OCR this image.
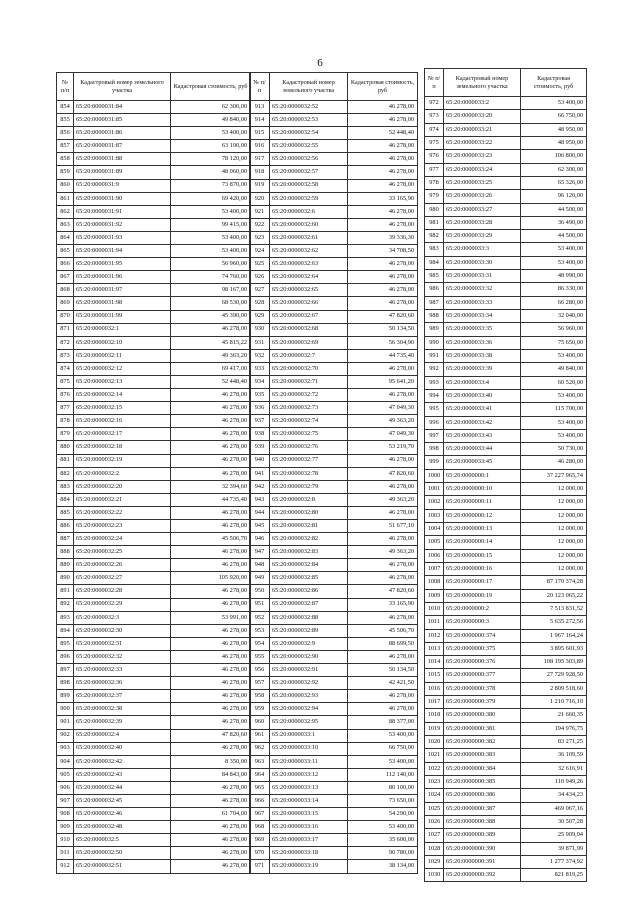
6
№ п/п	Кадастровый номер земельного участка	Кадастровая стоимость, руб
854	65:20:0000031:84	62 300,00
855	65:20:0000031:85	49 840,00
856	65:20:0000031:86	53 400,00
857	65:20:0000031:87	63 190,00
858	65:20:0000031:88	78 120,00
859	65:20:0000031:89	48 060,00
860	65:20:0000031:9	73 870,00
861	65:20:0000031:90	69 420,00
862	65:20:0000031:91	53 400,00
863	65:20:0000031:92	99 415,00
864	65:20:0000031:93	53 400,00
865	65:20:0000031:94	53 400,00
866	65:20:0000031:95	56 960,00
867	65:20:0000031:96	74 760,00
868	65:20:0000031:97	98 167,00
869	65:20:0000031:98	68 530,00
870	65:20:0000031:99	45 390,00
871	65:20:0000032:1	46 278,00
872	65:20:0000032:10	45 815,22
873	65:20:0000032:11	49 363,20
874	65:20:0000032:12	69 417,00
875	65:20:0000032:13	52 448,40
876	65:20:0000032:14	46 278,00
877	65:20:0000032:15	46 278,00
878	65:20:0000032:16	46 278,00
879	65:20:0000032:17	46 278,00
880	65:20:0000032:18	46 278,00
881	65:20:0000032:19	46 278,00
882	65:20:0000032:2	46 278,00
883	65:20:0000032:20	32 394,60
884	65:20:0000032:21	44 735,40
885	65:20:0000032:22	46 278,00
886	65:20:0000032:23	46 278,00
887	65:20:0000032:24	45 506,70
888	65:20:0000032:25	46 278,00
889	65:20:0000032:26	46 278,00
890	65:20:0000032:27	105 920,00
891	65:20:0000032:28	46 278,00
892	65:20:0000032:29	46 278,00
893	65:20:0000032:3	53 991,00
894	65:20:0000032:30	46 278,00
895	65:20:0000032:31	46 278,00
896	65:20:0000032:32	46 278,00
897	65:20:0000032:33	46 278,00
898	65:20:0000032:36	46 278,00
899	65:20:0000032:37	46 278,00
900	65:20:0000032:38	46 278,00
901	65:20:0000032:39	46 278,00
902	65:20:0000032:4	47 820,60
903	65:20:0000032:40	46 278,00
904	65:20:0000032:42	8 350,00
905	65:20:0000032:43	84 843,00
906	65:20:0000032:44	46 278,00
907	65:20:0000032:45	46 278,00
908	65:20:0000032:46	61 704,00
909	65:20:0000032:48	46 278,00
910	65:20:0000032:5	46 278,00
911	65:20:0000032:50	46 278,00
912	65:20:0000032:51	46 278,00
№ п/п	Кадастровый номер земельного участка	Кадастровая стоимость, руб
913	65:20:0000032:52	46 278,00
914	65:20:0000032:53	46 278,00
915	65:20:0000032:54	52 448,40
916	65:20:0000032:55	46 278,00
917	65:20:0000032:56	46 278,00
918	65:20:0000032:57	46 278,00
919	65:20:0000032:58	46 278,00
920	65:20:0000032:59	33 165,90
921	65:20:0000032:6	46 278,00
922	65:20:0000032:60	46 278,00
923	65:20:0000032:61	39 336,30
924	65:20:0000032:62	34 708,50
925	65:20:0000032:63	46 278,00
926	65:20:0000032:64	46 278,00
927	65:20:0000032:65	46 278,00
928	65:20:0000032:66	46 278,00
929	65:20:0000032:67	47 820,60
930	65:20:0000032:68	50 134,50
931	65:20:0000032:69	56 304,90
932	65:20:0000032:7	44 735,40
933	65:20:0000032:70	46 278,00
934	65:20:0000032:71	95 641,20
935	65:20:0000032:72	46 278,00
936	65:20:0000032:73	47 049,30
937	65:20:0000032:74	49 363,20
938	65:20:0000032:75	47 049,30
939	65:20:0000032:76	53 219,70
940	65:20:0000032:77	46 278,00
941	65:20:0000032:78	47 820,60
942	65:20:0000032:79	46 278,00
943	65:20:0000032:8	49 363,20
944	65:20:0000032:80	46 278,00
945	65:20:0000032:81	51 677,10
946	65:20:0000032:82	46 278,00
947	65:20:0000032:83	49 363,20
948	65:20:0000032:84	46 278,00
949	65:20:0000032:85	46 278,00
950	65:20:0000032:86	47 820,60
951	65:20:0000032:87	33 165,90
952	65:20:0000032:88	46 278,00
953	65:20:0000032:89	45 506,70
954	65:20:0000032:9	88 699,50
955	65:20:0000032:90	46 278,00
956	65:20:0000032:91	50 134,50
957	65:20:0000032:92	42 421,50
958	65:20:0000032:93	46 278,00
959	65:20:0000032:94	46 278,00
960	65:20:0000032:95	88 377,00
961	65:20:0000033:1	53 400,00
962	65:20:0000033:10	66 750,00
963	65:20:0000033:11	53 400,00
964	65:20:0000033:12	112 140,00
965	65:20:0000033:13	80 100,00
966	65:20:0000033:14	73 650,00
967	65:20:0000033:15	54 290,00
968	65:20:0000033:16	53 400,00
969	65:20:0000033:17	35 600,00
970	65:20:0000033:18	90 780,00
971	65:20:0000033:19	38 134,00
№ п/п	Кадастровый номер земельного участка	Кадастровая стоимость, руб
972	65:20:0000033:2	53 400,00
973	65:20:0000033:20	66 750,00
974	65:20:0000033:21	48 950,00
975	65:20:0000033:22	48 950,00
976	65:20:0000033:23	106 800,00
977	65:20:0000033:24	62 300,00
978	65:20:0000033:25	65 326,00
979	65:20:0000033:26	96 120,00
980	65:20:0000033:27	44 500,00
981	65:20:0000033:28	36 490,00
982	65:20:0000033:29	44 500,00
983	65:20:0000033:3	53 400,00
984	65:20:0000033:30	53 400,00
985	65:20:0000033:31	48 990,00
986	65:20:0000033:32	86 330,00
987	65:20:0000033:33	66 280,00
988	65:20:0000033:34	32 040,00
989	65:20:0000033:35	56 960,00
990	65:20:0000033:36	75 650,00
991	65:20:0000033:38	53 400,00
992	65:20:0000033:39	49 840,00
993	65:20:0000033:4	60 520,00
994	65:20:0000033:40	53 400,00
995	65:20:0000033:41	115 700,00
996	65:20:0000033:42	53 400,00
997	65:20:0000033:43	53 400,00
998	65:20:0000033:44	50 730,00
999	65:20:0000033:45	46 280,00
1000	65:20:0000000:1	37 227 965,74
1001	65:20:0000000:10	12 000,00
1002	65:20:0000000:11	12 000,00
1003	65:20:0000000:12	12 000,00
1004	65:20:0000000:13	12 000,00
1005	65:20:0000000:14	12 000,00
1006	65:20:0000000:15	12 000,00
1007	65:20:0000000:16	12 000,00
1008	65:20:0000000:17	87 170 374,28
1009	65:20:0000000:19	20 123 065,22
1010	65:20:0000000:2	7 513 831,52
1011	65:20:0000000:3	5 635 272,56
1012	65:20:0000000:374	1 967 164,24
1013	65:20:0000000:375	3 895 601,93
1014	65:20:0000000:376	108 195 303,89
1015	65:20:0000000:377	27 729 928,50
1016	65:20:0000000:378	2 809 518,60
1017	65:20:0000000:379	1 210 716,10
1018	65:20:0000000:380	21 660,35
1019	65:20:0000000:381	194 976,75
1020	65:20:0000000:382	83 271,25
1021	65:20:0000000:383	36 109,59
1022	65:20:0000000:384	32 616,91
1023	65:20:0000000:385	110 949,26
1024	65:20:0000000:386	34 434,23
1025	65:20:0000000:387	469 067,16
1026	65:20:0000000:388	30 507,28
1027	65:20:0000000:389	25 909,94
1028	65:20:0000000:390	39 871,99
1029	65:20:0000000:391	1 277 374,92
1030	65:20:0000000:392	821 819,25
